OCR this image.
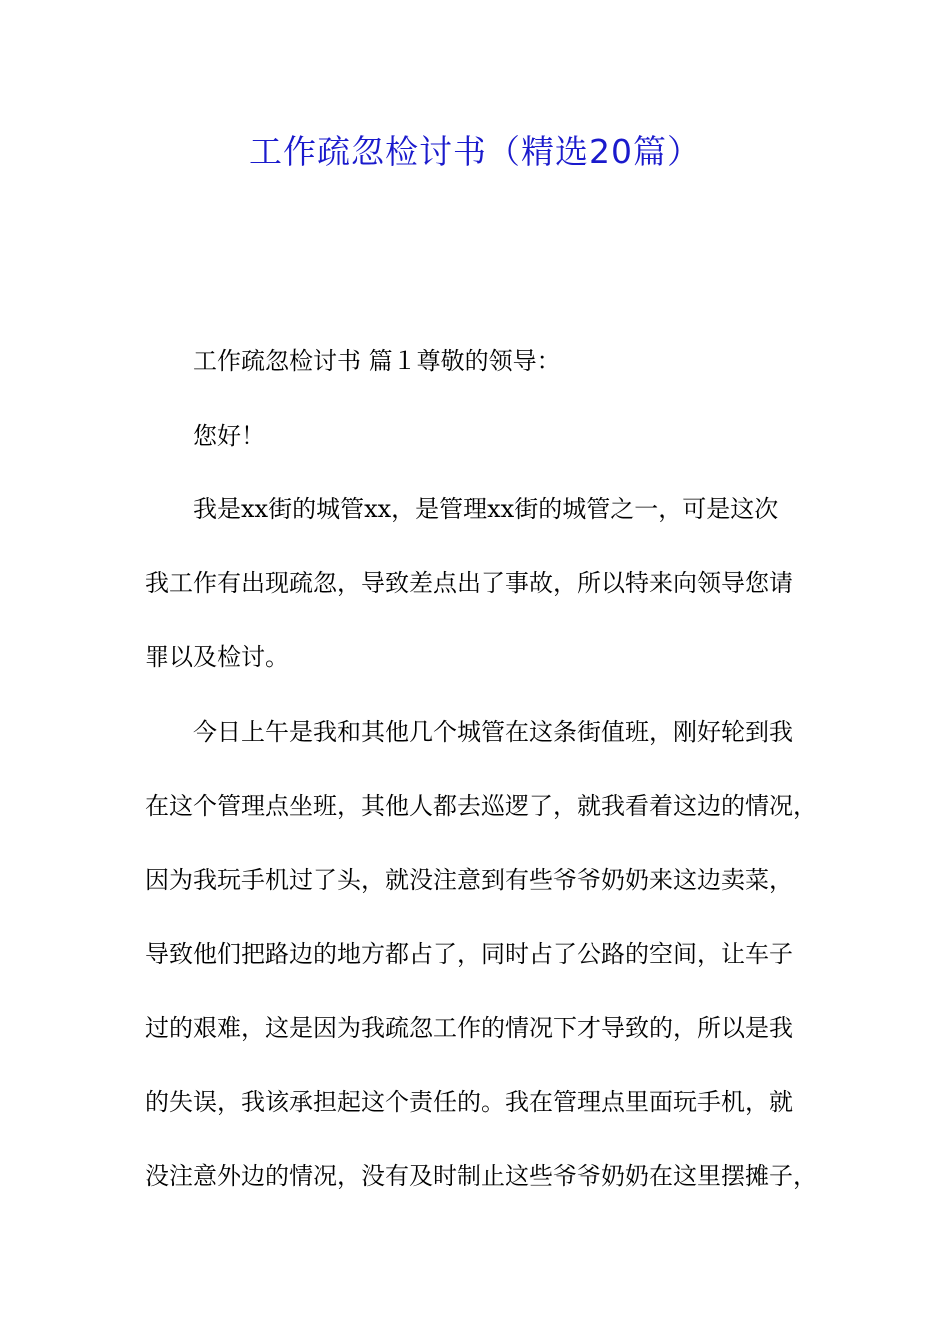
工作疏忽检讨书（精选20篇）
工作疏忽检讨书 篇１尊敬的领导：
您好！
我是xx街的城管xx，是管理xx街的城管之一，可是这次
我工作有出现疏忽，导致差点出了事故，所以特来向领导您请
罪以及检讨。
今日上午是我和其他几个城管在这条街值班，刚好轮到我
在这个管理点坐班，其他人都去巡逻了，就我看着这边的情况，
因为我玩手机过了头，就没注意到有些爷爷奶奶来这边卖菜，
导致他们把路边的地方都占了，同时占了公路的空间，让车子
过的艰难，这是因为我疏忽工作的情况下才导致的，所以是我
的失误，我该承担起这个责任的。我在管理点里面玩手机，就
没注意外边的情况，没有及时制止这些爷爷奶奶在这里摆摊子，
